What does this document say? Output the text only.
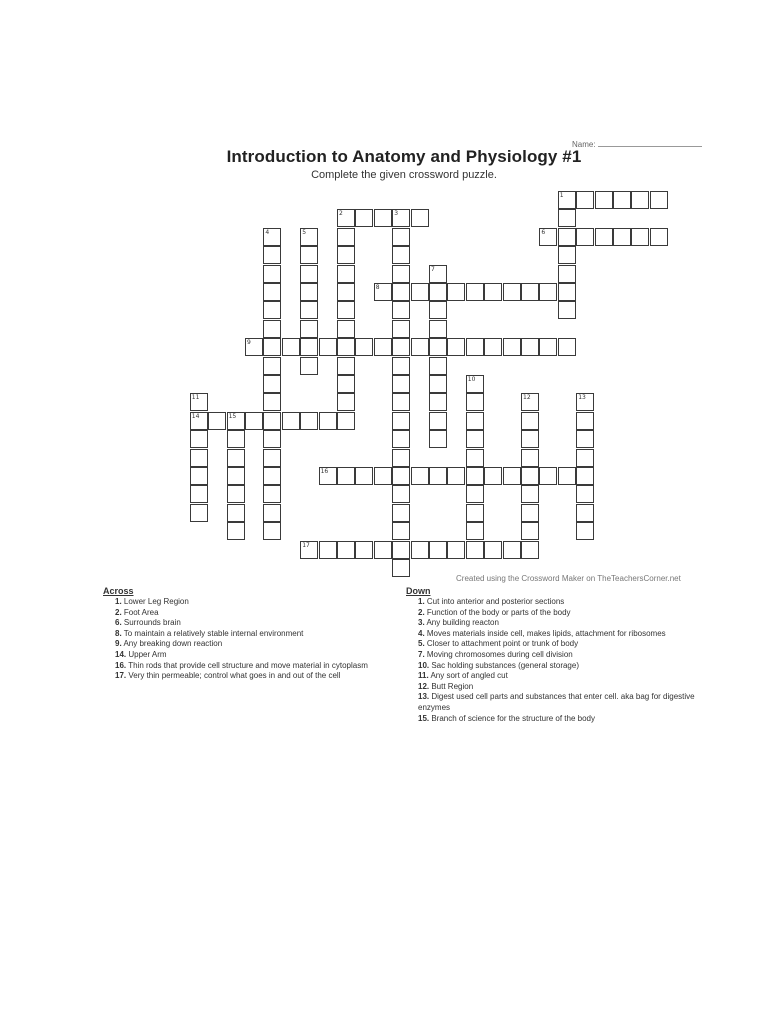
Name:
Introduction to Anatomy and Physiology #1
Complete the given crossword puzzle.
1
2	3
4	5	6
7
8
9
10
11
14
12	13
15
16
17
Created using the Crossword Maker on TheTeachersCorner.net
Across
1. Lower Leg Region
2. Foot Area
6. Surrounds brain
8. To maintain a relatively stable internal environment
9. Any breaking down reaction
14. Upper Arm
16. Thin rods that provide cell structure and move material in cytoplasm
17. Very thin permeable; control what goes in and out of the cell
Down
1. Cut into anterior and posterior sections
2. Function of the body or parts of the body
3. Any building reacton
4. Moves materials inside cell, makes lipids, attachment for ribosomes
5. Closer to attachment point or trunk of body
7. Moving chromosomes during cell division
10. Sac holding substances (general storage)
11. Any sort of angled cut
12. Butt Region
13. Digest used cell parts and substances that enter cell. aka bag for digestive enzymes
15. Branch of science for the structure of the body
